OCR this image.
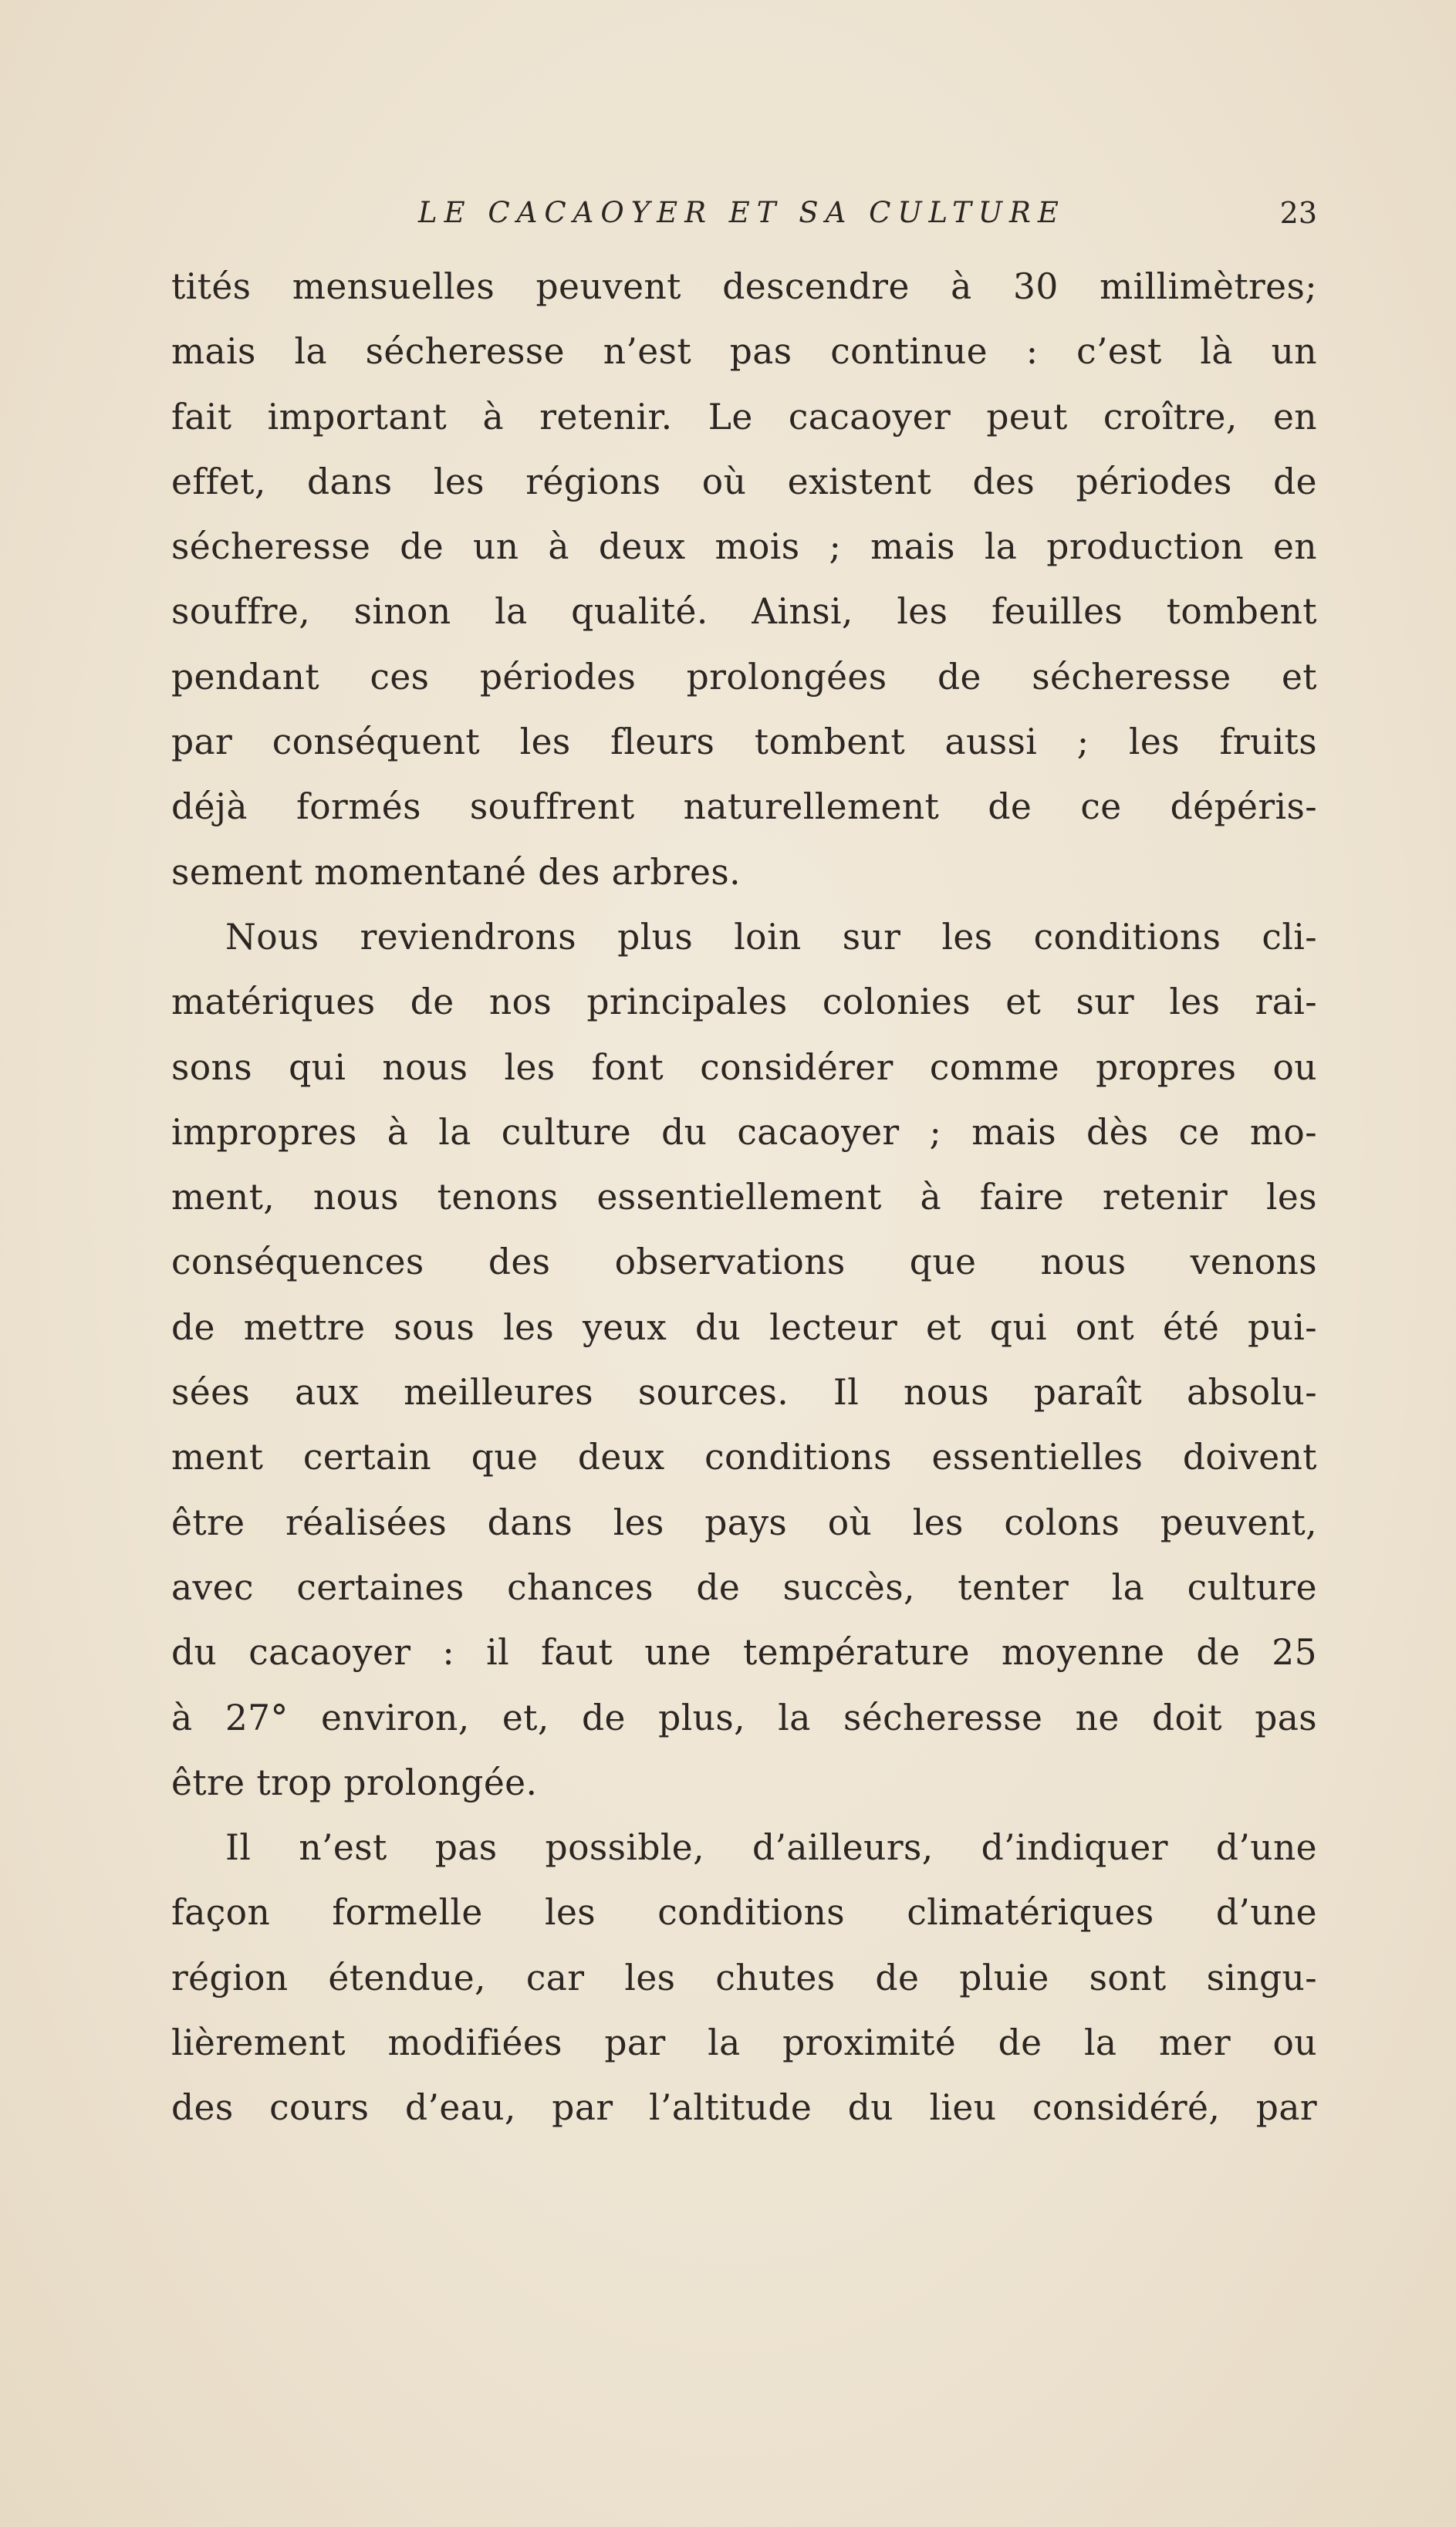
LE CACAOYER ET SA CULTURE	23
tités mensuelles peuvent descendre à 30 millimètres;
mais la sécheresse n’est pas continue : c’est là un
fait important à retenir. Le cacaoyer peut croître, en
effet, dans les régions où existent des périodes de
sécheresse de un à deux mois ; mais la production en
souffre, sinon la qualité. Ainsi, les feuilles tombent
pendant ces périodes prolongées de sécheresse et
par conséquent les fleurs tombent aussi ; les fruits
déjà formés souffrent naturellement de ce dépéris-
sement momentané des arbres.
Nous reviendrons plus loin sur les conditions cli-
matériques de nos principales colonies et sur les rai-
sons qui nous les font considérer comme propres ou
impropres à la culture du cacaoyer ; mais dès ce mo-
ment, nous tenons essentiellement à faire retenir les
conséquences des observations que nous venons
de mettre sous les yeux du lecteur et qui ont été pui-
sées aux meilleures sources. Il nous paraît absolu-
ment certain que deux conditions essentielles doivent
être réalisées dans les pays où les colons peuvent,
avec certaines chances de succès, tenter la culture
du cacaoyer : il faut une température moyenne de 25
à 27° environ, et, de plus, la sécheresse ne doit pas
être trop prolongée.
Il n’est pas possible, d’ailleurs, d’indiquer d’une
façon formelle les conditions climatériques d’une
région étendue, car les chutes de pluie sont singu-
lièrement modifiées par la proximité de la mer ou
des cours d’eau, par l’altitude du lieu considéré, par
